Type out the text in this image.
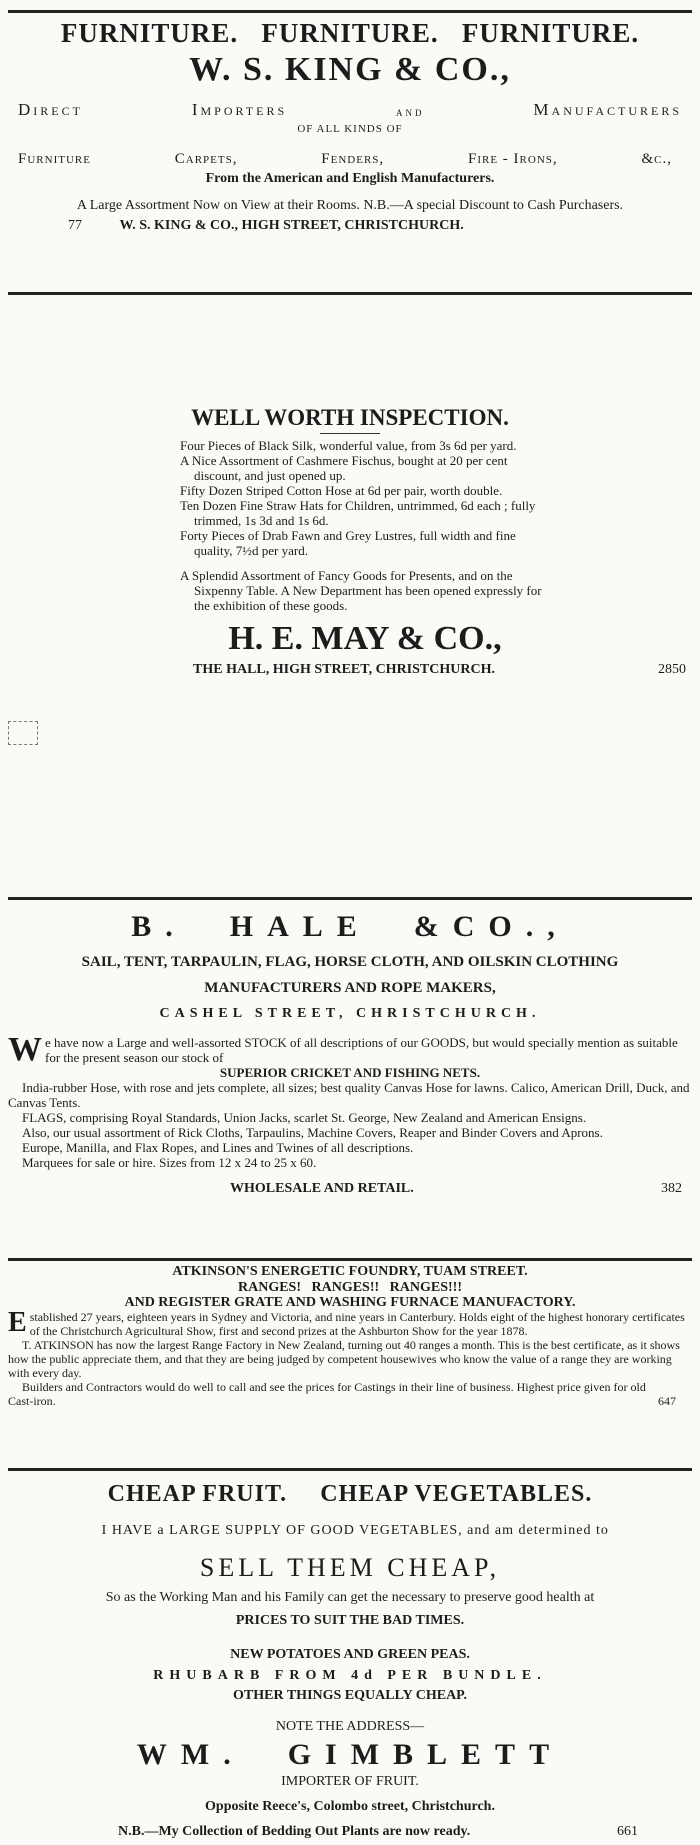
FURNITURE.   FURNITURE.   FURNITURE.
W. S. KING & CO.,
Direct	Importers	and	Manufacturers
OF ALL KINDS OF
Furniture	Carpets,	Fenders,	Fire - Irons,	&c.,
From the American and English Manufacturers.
A Large Assortment Now on View at their Rooms. N.B.—A special Discount to Cash Purchasers.
77	W. S. KING & CO., HIGH STREET, CHRISTCHURCH.
WELL WORTH INSPECTION.
Four Pieces of Black Silk, wonderful value, from 3s 6d per yard.
A Nice Assortment of Cashmere Fischus, bought at 20 per cent discount, and just opened up.
Fifty Dozen Striped Cotton Hose at 6d per pair, worth double.
Ten Dozen Fine Straw Hats for Children, untrimmed, 6d each ; fully trimmed, 1s 3d and 1s 6d.
Forty Pieces of Drab Fawn and Grey Lustres, full width and fine quality, 7½d per yard.
A Splendid Assortment of Fancy Goods for Presents, and on the Sixpenny Table. A New Department has been opened expressly for the exhibition of these goods.
H. E. MAY & CO.,
THE HALL, HIGH STREET, CHRISTCHURCH.	2850
B.  HALE  &CO.,
SAIL, TENT, TARPAULIN, FLAG, HORSE CLOTH, AND OILSKIN CLOTHING
MANUFACTURERS AND ROPE MAKERS,
CASHEL STREET, CHRISTCHURCH.
W e have now a Large and well-assorted STOCK of all descriptions of our GOODS, but would specially mention as suitable for the present season our stock of
SUPERIOR CRICKET AND FISHING NETS.
India-rubber Hose, with rose and jets complete, all sizes; best quality Canvas Hose for lawns. Calico, American Drill, Duck, and Canvas Tents.
FLAGS, comprising Royal Standards, Union Jacks, scarlet St. George, New Zealand and American Ensigns.
Also, our usual assortment of Rick Cloths, Tarpaulins, Machine Covers, Reaper and Binder Covers and Aprons.
Europe, Manilla, and Flax Ropes, and Lines and Twines of all descriptions.
Marquees for sale or hire. Sizes from 12 x 24 to 25 x 60.
WHOLESALE AND RETAIL.	382
ATKINSON'S ENERGETIC FOUNDRY, TUAM STREET.
RANGES!   RANGES!!   RANGES!!!
AND REGISTER GRATE AND WASHING FURNACE MANUFACTORY.
E stablished 27 years, eighteen years in Sydney and Victoria, and nine years in Canterbury. Holds eight of the highest honorary certificates of the Christchurch Agricultural Show, first and second prizes at the Ashburton Show for the year 1878.
T. ATKINSON has now the largest Range Factory in New Zealand, turning out 40 ranges a month. This is the best certificate, as it shows how the public appreciate them, and that they are being judged by competent housewives who know the value of a range they are working with every day.
Builders and Contractors would do well to call and see the prices for Castings in their line of business. Highest price given for old Cast-iron.	647
CHEAP FRUIT. CHEAP VEGETABLES.

I HAVE a LARGE SUPPLY OF GOOD VEGETABLES, and am determined to
SELL THEM CHEAP,
So as the Working Man and his Family can get the necessary to preserve good health at
PRICES TO SUIT THE BAD TIMES.
NEW POTATOES AND GREEN PEAS.
RHUBARB FROM 4d PER BUNDLE.
OTHER THINGS EQUALLY CHEAP.
NOTE THE ADDRESS—
WM.  GIMBLETT
IMPORTER OF FRUIT.
Opposite Reece's, Colombo street, Christchurch.
N.B.—My Collection of Bedding Out Plants are now ready.	661
